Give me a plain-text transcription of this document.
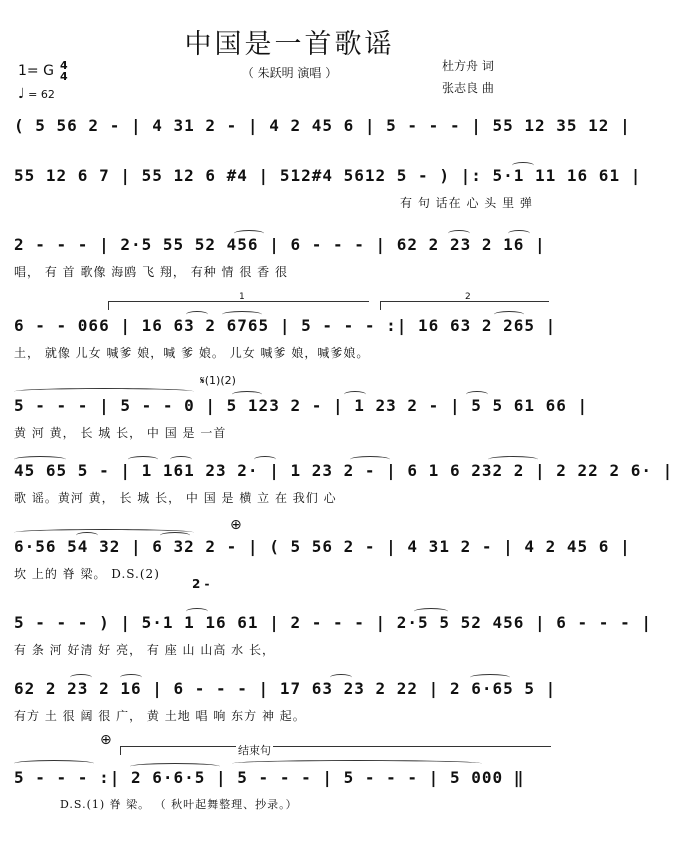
中国是一首歌谣
（ 朱跃明 演唱 ）
1= G 4
4
♩ = 62
杜方舟 词
张志良 曲
( 5 56 2 - | 4 31 2 - | 4 2 45 6 | 5 - - - | 55 12 35 12 |
55 12 6 7 | 55 12 6 #4 | 512#4 5612 5 - ) |: 5·1 11 16 61 |
有 句 话在 心 头 里 弹
2 - - - | 2·5 55 52 456 | 6 - - - | 62 2 23 2 16 |
唱， 有 首 歌像 海鸥 飞 翔， 有种 情 很 香 很
1	2
6 - - 066 | 16 63 2 6765 | 5 - - - :| 16 63 2 265 |
土， 就像 儿女 喊爹 娘，喊 爹 娘。 儿女 喊爹 娘，喊爹娘。
𝄋(1)(2)
5 - - - | 5 - - 0 | 5 123 2 - | 1 23 2 - | 5 5 61 66 |
黄 河 黄， 长 城 长， 中 国 是 一首
45 65 5 - | 1 161 23 2· | 1 23 2 - | 6 1 6 232 2 | 2 22 2 6· |
歌 谣。黄河 黄， 长 城 长， 中 国 是 横 立 在 我们 心
⊕
6·56 54 32 | 6 32 2 - | ( 5 56 2 - | 4 31 2 - | 4 2 45 6 |
坎 上的 脊 梁。 D.S.(2)
2 -
5 - - - ) | 5·1 1 16 61 | 2 - - - | 2·5 5 52 456 | 6 - - - |
有 条 河 好清 好 亮， 有 座 山 山高 水 长，
62 2 23 2 16 | 6 - - - | 17 63 23 2 22 | 2 6·65 5 |
有方 土 很 阔 很 广， 黄 土地 唱 响 东方 神 起。
⊕
结束句
5 - - - :| 2 6·6·5 | 5 - - - | 5 - - - | 5 000 ‖
D.S.(1) 脊 梁。 （ 秋叶起舞整理、抄录。）
